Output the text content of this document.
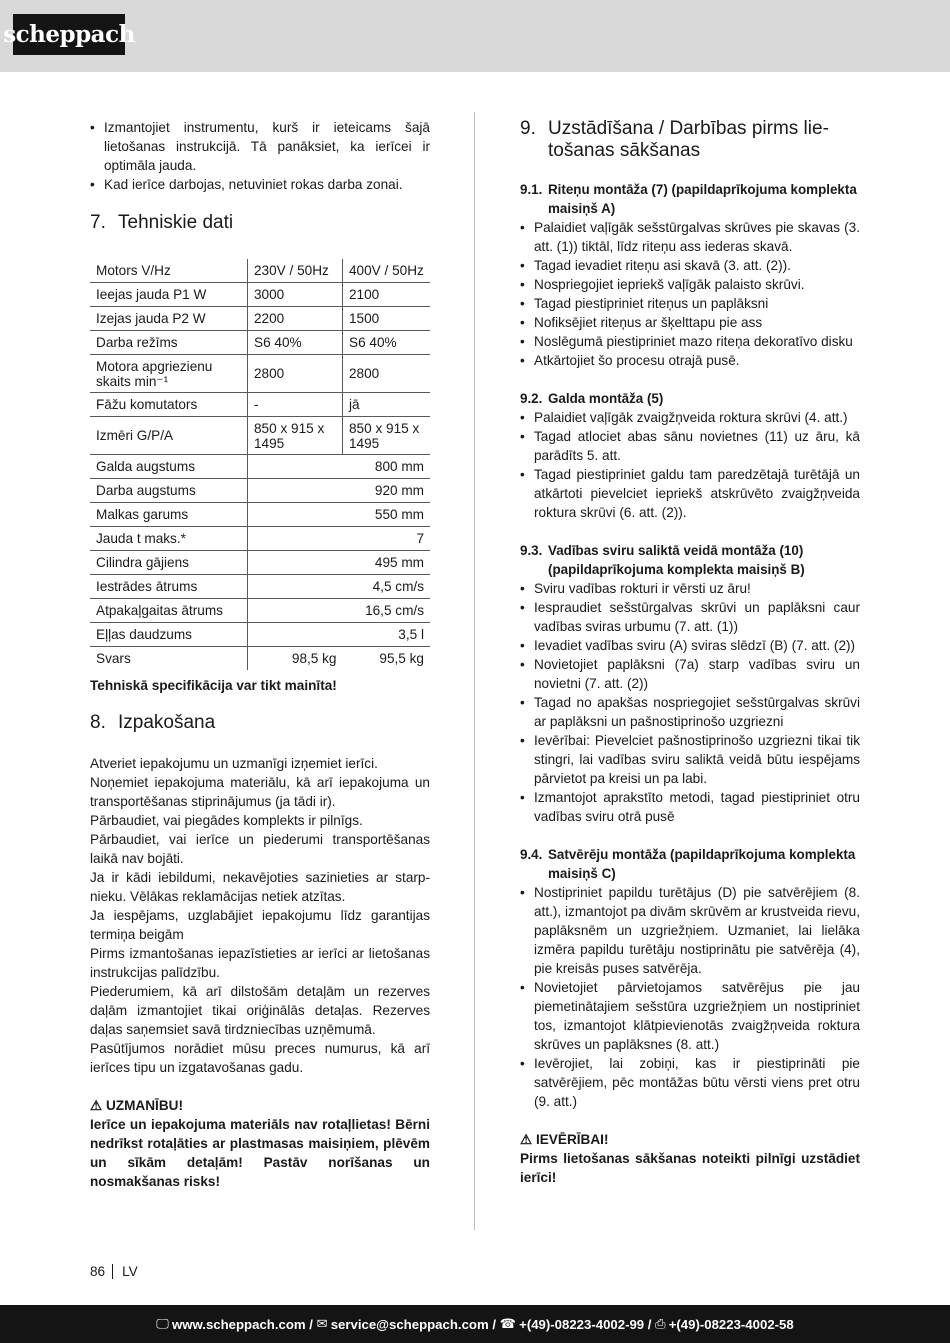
scheppach
• Izmantojiet instrumentu, kurš ir ieteicams šajā lietošanas instrukcijā. Tā panāksiet, ka ierīcei ir optimāla jauda.
• Kad ierīce darbojas, netuviniet rokas darba zonai.
7. Tehniskie dati
Motors V/Hz	230V / 50Hz	400V / 50Hz
Ieejas jauda P1 W	3000	2100
Izejas jauda P2 W	2200	1500
Darba režīms	S6 40%	S6 40%
Motora apgriezienu skaits min⁻¹	2800	2800
Fāžu komutators	-	jā
Izmēri G/P/A	850 x 915 x 1495	850 x 915 x 1495
Galda augstums	800 mm	
Darba augstums	920 mm	
Malkas garums	550 mm	
Jauda t maks.*	7	
Cilindra gājiens	495 mm	
Iestrādes ātrums	4,5 cm/s	
Atpakaļgaitas ātrums	16,5 cm/s	
Eļļas daudzums	3,5 l	
Svars	98,5 kg	95,5 kg
Tehniskā specifikācija var tikt mainīta!
8. Izpakošana

Atveriet iepakojumu un uzmanīgi izņemiet ierīci.

Noņemiet iepakojuma materiālu, kā arī iepakojuma un transportēšanas stiprinājumus (ja tādi ir).

Pārbaudiet, vai piegādes komplekts ir pilnīgs.

Pārbaudiet, vai ierīce un piederumi transportēšanas laikā nav bojāti.

Ja ir kādi iebildumi, nekavējoties sazinieties ar starpnieku. Vēlākas reklamācijas netiek atzītas.

Ja iespējams, uzglabājiet iepakojumu līdz garantijas termiņa beigām

Pirms izmantošanas iepazīstieties ar ierīci ar lietošanas instrukcijas palīdzību.

Piederumiem, kā arī dilstošām detaļām un rezerves daļām izmantojiet tikai oriģinālās detaļas. Rezerves daļas saņemsiet savā tirdzniecības uzņēmumā.

Pasūtījumos norādiet mūsu preces numurus, kā arī ierīces tipu un izgatavošanas gadu.

⚠ UZMANĪBU!
Ierīce un iepakojuma materiāls nav rotaļlietas! Bērni nedrīkst rotaļāties ar plastmasas maisiņiem, plēvēm un sīkām detaļām! Pastāv norīšanas un nosmakšanas risks!
9. Uzstādīšana / Darbības pirms lietošanas sākšanas
9.1. Riteņu montāža (7) (papildaprīkojuma komplekta maisiņš A)
• Palaidiet vaļīgāk sešstūrgalvas skrūves pie skavas (3. att. (1)) tiktāl, līdz riteņu ass iederas skavā.
• Tagad ievadiet riteņu asi skavā (3. att. (2)).
• Nospriegojiet iepriekš vaļīgāk palaisto skrūvi.
• Tagad piestipriniet riteņus un paplāksni
• Nofiksējiet riteņus ar šķelttapu pie ass
• Noslēgumā piestipriniet mazo riteņa dekoratīvo disku
• Atkārtojiet šo procesu otrajā pusē.
9.2. Galda montāža (5)
• Palaidiet vaļīgāk zvaigžņveida roktura skrūvi (4. att.)
• Tagad atlociet abas sānu novietnes (11) uz āru, kā parādīts 5. att.
• Tagad piestipriniet galdu tam paredzētajā turētājā un atkārtoti pievelciet iepriekš atskrūvēto zvaigžņveida roktura skrūvi (6. att. (2)).
9.3. Vadības sviru saliktā veidā montāža (10) (papildaprīkojuma komplekta maisiņš B)
• Sviru vadības rokturi ir vērsti uz āru!
• Iespraudiet sešstūrgalvas skrūvi un paplāksni caur vadības sviras urbumu (7. att. (1))
• Ievadiet vadības sviru (A) sviras slēdzī (B) (7. att. (2))
• Novietojiet paplāksni (7a) starp vadības sviru un novietni (7. att. (2))
• Tagad no apakšas nospriegojiet sešstūrgalvas skrūvi ar paplāksni un pašnostiprinošo uzgriezni
• Ievērībai: Pievelciet pašnostiprinošo uzgriezni tikai tik stingri, lai vadības sviru saliktā veidā būtu iespējams pārvietot pa kreisi un pa labi.
• Izmantojot aprakstīto metodi, tagad piestipriniet otru vadības sviru otrā pusē
9.4. Satvērēju montāža (papildaprīkojuma komplekta maisiņš C)
• Nostipriniet papildu turētājus (D) pie satvērējiem (8. att.), izmantojot pa divām skrūvēm ar krustveida rievu, paplāksnēm un uzgriežņiem. Uzmaniet, lai lielāka izmēra papildu turētāju nostiprinātu pie satvērēja (4), pie kreisās puses satvērēja.
• Novietojiet pārvietojamos satvērējus pie jau piemetinātajiem sešstūra uzgriežņiem un nostipriniet tos, izmantojot klātpievienotās zvaigžņveida roktura skrūves un paplāksnes (8. att.)
• Ievērojiet, lai zobiņi, kas ir piestiprināti pie satvērējiem, pēc montāžas būtu vērsti viens pret otru (9. att.)
⚠ IEVĒRĪBAI!
Pirms lietošanas sākšanas noteikti pilnīgi uzstādiet ierīci!
86 LV
🖵 www.scheppach.com / ✉ service@scheppach.com / ☎ +(49)-08223-4002-99 / ⎙ +(49)-08223-4002-58
